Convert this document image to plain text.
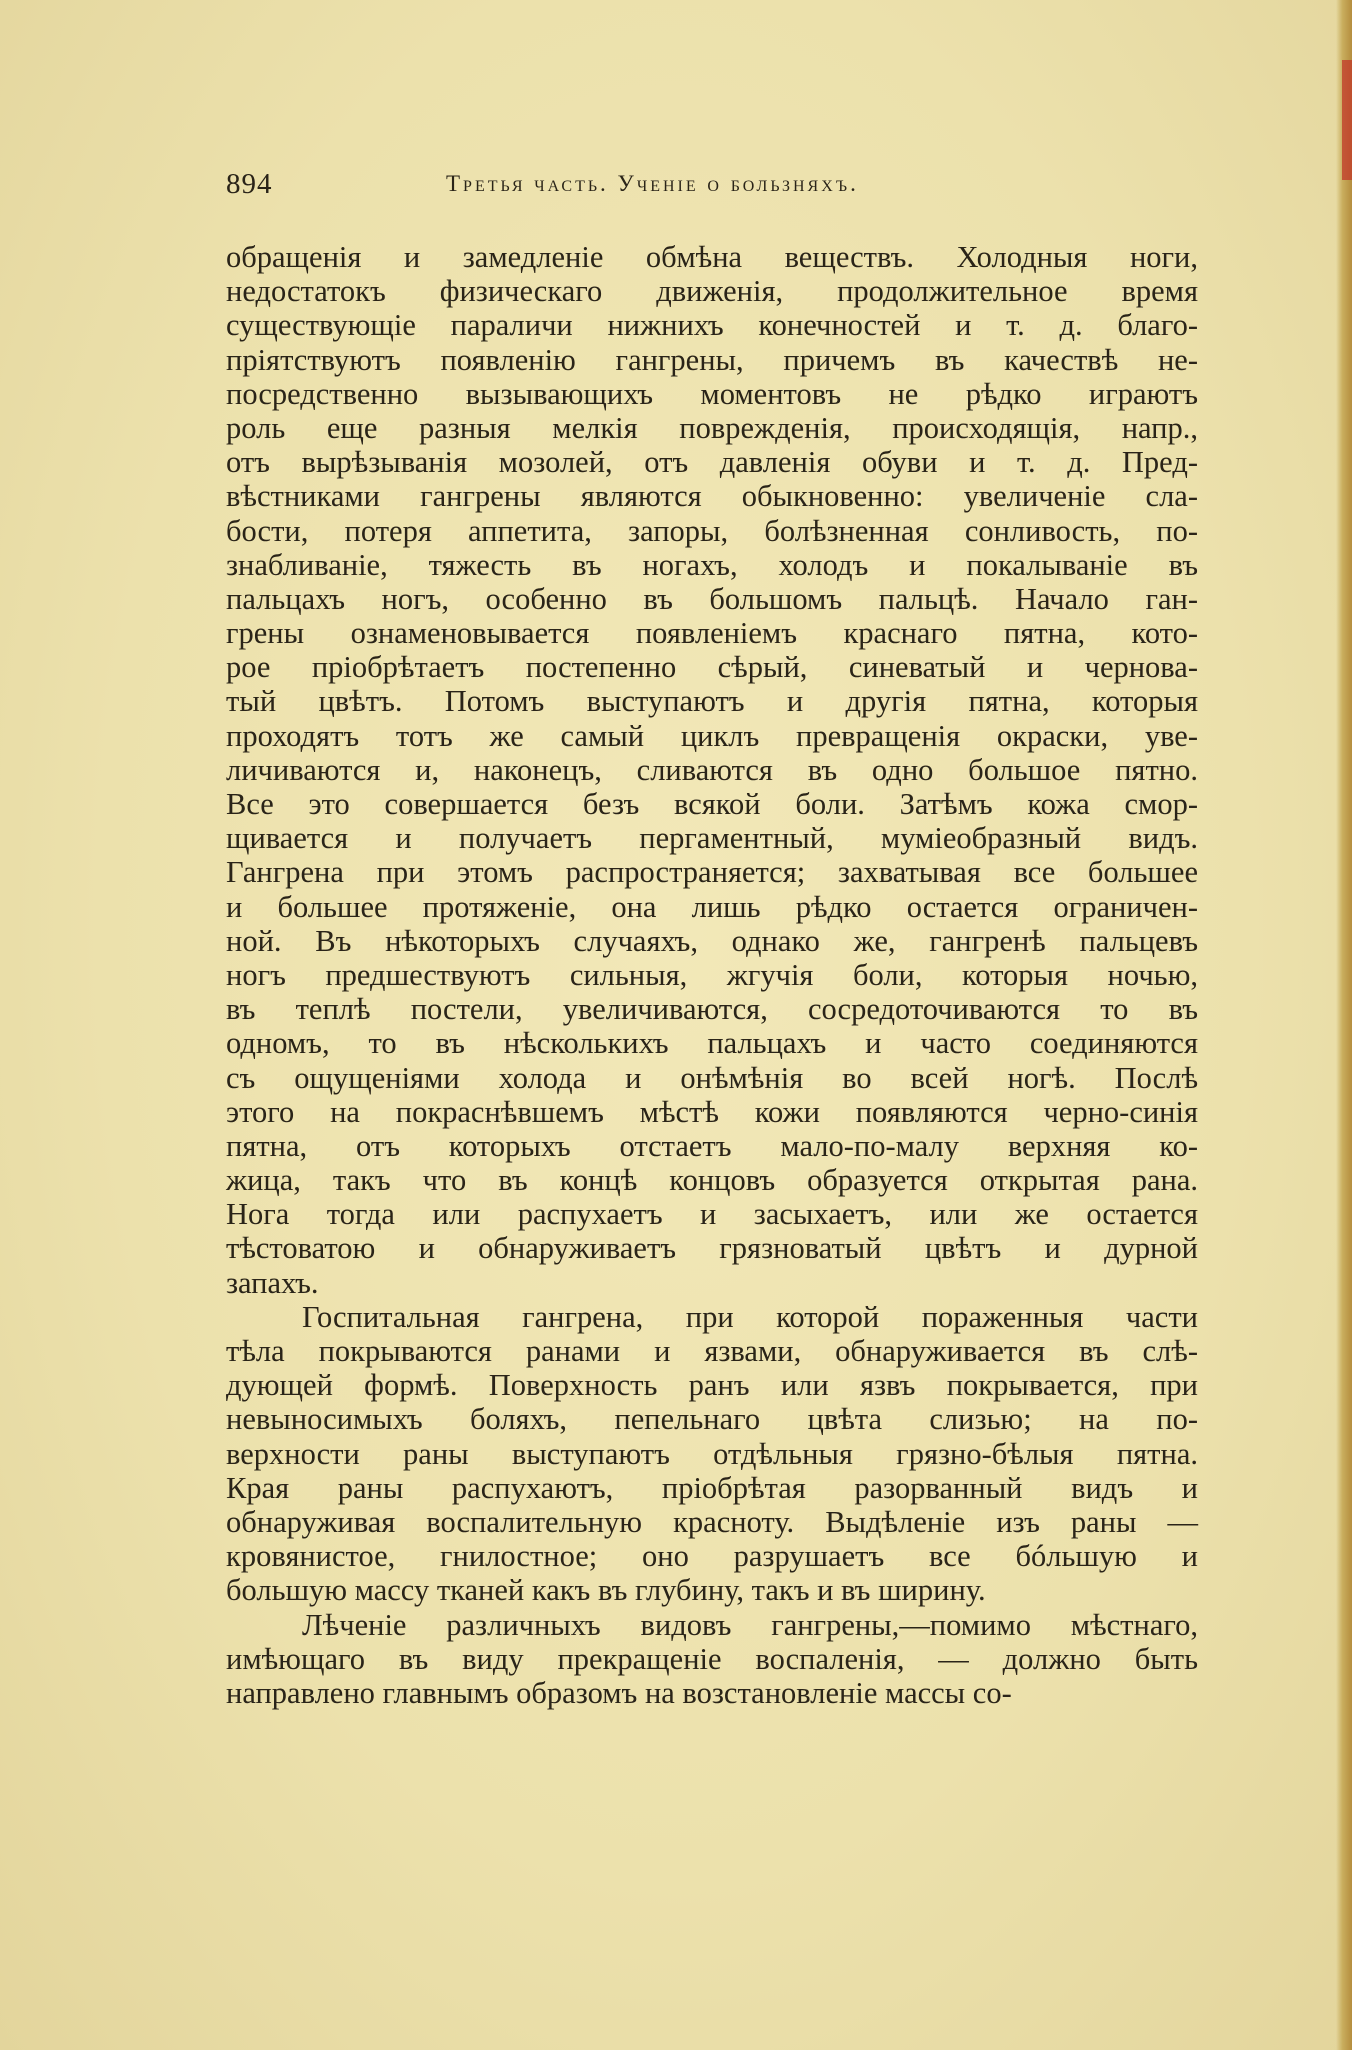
894	Третья часть. Ученіе о бользняхъ.
обращенія и замедленіе обмѣна веществъ. Холодныя ноги,
недостатокъ физическаго движенія, продолжительное время
существующіе параличи нижнихъ конечностей и т. д. благо-
пріятствуютъ появленію гангрены, причемъ въ качествѣ не-
посредственно вызывающихъ моментовъ не рѣдко играютъ
роль еще разныя мелкія поврежденія, происходящія, напр.,
отъ вырѣзыванія мозолей, отъ давленія обуви и т. д. Пред-
вѣстниками гангрены являются обыкновенно: увеличеніе сла-
бости, потеря аппетита, запоры, болѣзненная сонливость, по-
знабливаніе, тяжесть въ ногахъ, холодъ и покалываніе въ
пальцахъ ногъ, особенно въ большомъ пальцѣ. Начало ган-
грены ознаменовывается появленіемъ краснаго пятна, кото-
рое пріобрѣтаетъ постепенно сѣрый, синеватый и чернова-
тый цвѣтъ. Потомъ выступаютъ и другія пятна, которыя
проходятъ тотъ же самый циклъ превращенія окраски, уве-
личиваются и, наконецъ, сливаются въ одно большое пятно.
Все это совершается безъ всякой боли. Затѣмъ кожа смор-
щивается и получаетъ пергаментный, мумiеобразный видъ.
Гангрена при этомъ распространяется; захватывая все большее
и большее протяженіе, она лишь рѣдко остается ограничен-
ной. Въ нѣкоторыхъ случаяхъ, однако же, гангренѣ пальцевъ
ногъ предшествуютъ сильныя, жгучія боли, которыя ночью,
въ теплѣ постели, увеличиваются, сосредоточиваются то въ
одномъ, то въ нѣсколькихъ пальцахъ и часто соединяются
съ ощущеніями холода и онѣмѣнія во всей ногѣ. Послѣ
этого на покраснѣвшемъ мѣстѣ кожи появляются черно-синія
пятна, отъ которыхъ отстаетъ мало-по-малу верхняя ко-
жица, такъ что въ концѣ концовъ образуется открытая рана.
Нога тогда или распухаетъ и засыхаетъ, или же остается
тѣстоватою и обнаруживаетъ грязноватый цвѣтъ и дурной
запахъ.
Госпитальная гангрена, при которой пораженныя части
тѣла покрываются ранами и язвами, обнаруживается въ слѣ-
дующей формѣ. Поверхность ранъ или язвъ покрывается, при
невыносимыхъ боляхъ, пепельнаго цвѣта слизью; на по-
верхности раны выступаютъ отдѣльныя грязно-бѣлыя пятна.
Края раны распухаютъ, пріобрѣтая разорванный видъ и
обнаруживая воспалительную красноту. Выдѣленіе изъ раны —
кровянистое, гнилостное; оно разрушаетъ все бóльшую и
большую массу тканей какъ въ глубину, такъ и въ ширину.
Лѣченіе различныхъ видовъ гангрены,—помимо мѣстнаго,
имѣющаго въ виду прекращеніе воспаленія, — должно быть
направлено главнымъ образомъ на возстановленіе массы со-
